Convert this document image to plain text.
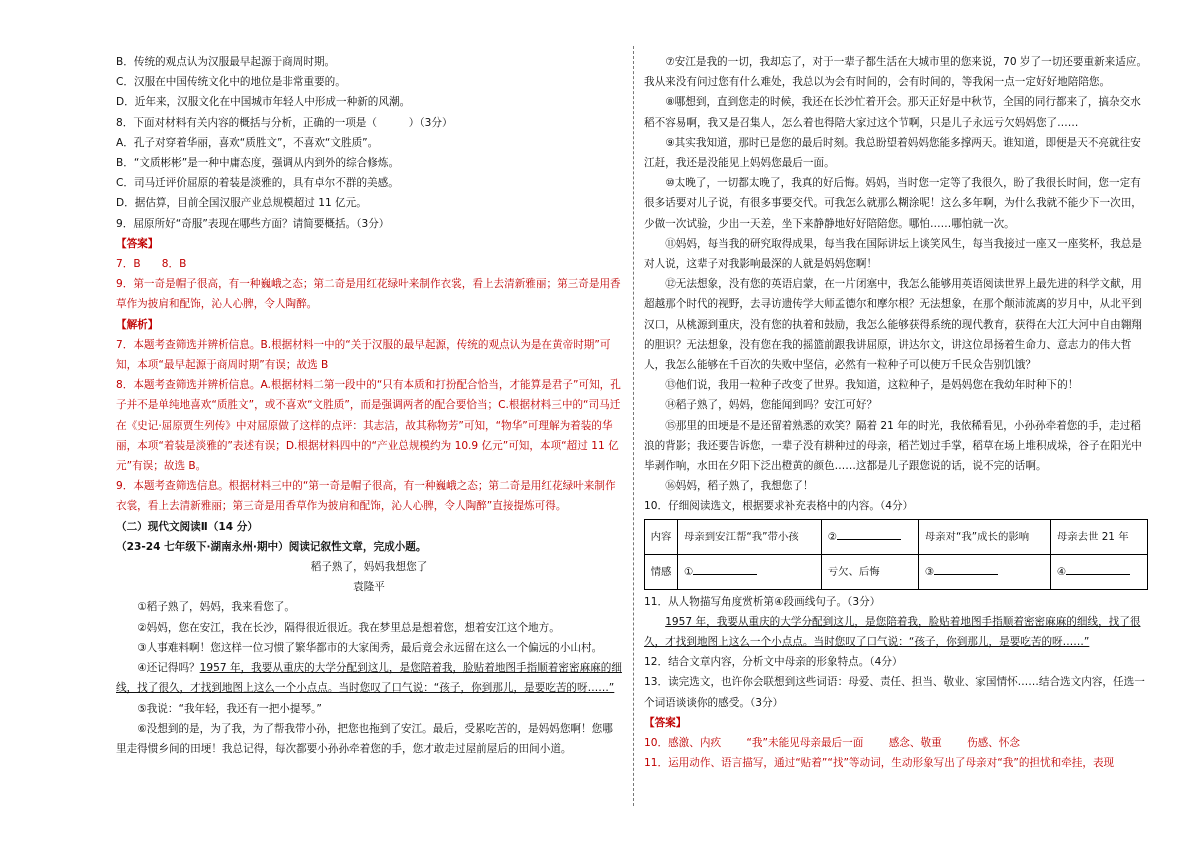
B．传统的观点认为汉服最早起源于商周时期。

C．汉服在中国传统文化中的地位是非常重要的。

D．近年来，汉服文化在中国城市年轻人中形成一种新的风潮。

8．下面对材料有关内容的概括与分析，正确的一项是（　　　）（3分）

A．孔子对穿着华丽，喜欢“质胜文”，不喜欢“文胜质”。

B．“文质彬彬”是一种中庸态度，强调从内到外的综合修炼。

C．司马迁评价屈原的着装是淡雅的，具有卓尔不群的美感。

D．据估算，目前全国汉服产业总规模超过 11 亿元。

9．屈原所好“奇服”表现在哪些方面？请简要概括。（3分）

【答案】

7．B　　8．B

9．第一奇是帽子很高，有一种巍峨之态；第二奇是用红花绿叶来制作衣裳，看上去清新雅丽；第三奇是用香草作为披肩和配饰，沁人心脾，令人陶醉。

【解析】

7．本题考查筛选并辨析信息。B.根据材料一中的“关于汉服的最早起源，传统的观点认为是在黄帝时期”可知，本项“最早起源于商周时期”有误；故选 B

8．本题考查筛选并辨析信息。A.根据材料二第一段中的“只有本质和打扮配合恰当，才能算是君子”可知，孔子并不是单纯地喜欢“质胜文”，或不喜欢“文胜质”，而是强调两者的配合要恰当；C.根据材料三中的“司马迁在《史记·屈原贾生列传》中对屈原做了这样的点评：其志洁，故其称物芳”可知，“物华”可理解为着装的华丽，本项“着装是淡雅的”表述有误；D.根据材料四中的“产业总规模约为 10.9 亿元”可知，本项“超过 11 亿元”有误；故选 B。

9．本题考查筛选信息。根据材料三中的“第一奇是帽子很高，有一种巍峨之态；第二奇是用红花绿叶来制作衣裳，看上去清新雅丽；第三奇是用香草作为披肩和配饰，沁人心脾，令人陶醉”直接提炼可得。

（二）现代文阅读Ⅱ（14 分）

（23-24 七年级下·湖南永州·期中）阅读记叙性文章，完成小题。

稻子熟了，妈妈我想您了

袁隆平

①稻子熟了，妈妈，我来看您了。

②妈妈，您在安江，我在长沙，隔得很近很近。我在梦里总是想着您，想着安江这个地方。

③人事难料啊！您这样一位习惯了繁华都市的大家闺秀，最后竟会永远留在这么一个偏远的小山村。

④还记得吗？1957 年，我要从重庆的大学分配到这儿，是您陪着我，脸贴着地图手指顺着密密麻麻的细线，找了很久，才找到地图上这么一个小点点。当时您叹了口气说：“孩子，你到那儿，是要吃苦的呀……”

⑤我说：“我年轻，我还有一把小提琴。”

⑥没想到的是，为了我，为了帮我带小孙，把您也拖到了安江。最后，受累吃苦的，是妈妈您啊！您哪里走得惯乡间的田埂！我总记得，每次都要小孙孙牵着您的手，您才敢走过屋前屋后的田间小道。

⑦安江是我的一切，我却忘了，对于一辈子都生活在大城市里的您来说，70 岁了一切还要重新来适应。我从来没有问过您有什么难处，我总以为会有时间的，会有时间的，等我闲一点一定好好地陪陪您。

⑧哪想到，直到您走的时候，我还在长沙忙着开会。那天正好是中秋节，全国的同行都来了，搞杂交水稻不容易啊，我又是召集人，怎么着也得陪大家过这个节啊，只是儿子永远亏欠妈妈您了……

⑨其实我知道，那时已是您的最后时刻。我总盼望着妈妈您能多撑两天。谁知道，即便是天不亮就往安江赶，我还是没能见上妈妈您最后一面。

⑩太晚了，一切都太晚了，我真的好后悔。妈妈，当时您一定等了我很久，盼了我很长时间，您一定有很多话要对儿子说，有很多事要交代。可我怎么就那么糊涂呢！这么多年啊，为什么我就不能少下一次田，少做一次试验，少出一天差，坐下来静静地好好陪陪您。哪怕……哪怕就一次。

⑪妈妈，每当我的研究取得成果，每当我在国际讲坛上谈笑风生，每当我接过一座又一座奖杯，我总是对人说，这辈子对我影响最深的人就是妈妈您啊！

⑫无法想象，没有您的英语启蒙，在一片闭塞中，我怎么能够用英语阅读世界上最先进的科学文献，用超越那个时代的视野，去寻访遗传学大师孟德尔和摩尔根？无法想象，在那个颠沛流离的岁月中，从北平到汉口，从桃源到重庆，没有您的执着和鼓励，我怎么能够获得系统的现代教育，获得在大江大河中自由翱翔的胆识？无法想象，没有您在我的摇篮前跟我讲屈原，讲达尔文，讲这位昂扬着生命力、意志力的伟大哲人，我怎么能够在千百次的失败中坚信，必然有一粒种子可以使万千民众告别饥饿？

⑬他们说，我用一粒种子改变了世界。我知道，这粒种子，是妈妈您在我幼年时种下的！

⑭稻子熟了，妈妈，您能闻到吗？安江可好？

⑮那里的田埂是不是还留着熟悉的欢笑？隔着 21 年的时光，我依稀看见，小孙孙牵着您的手，走过稻浪的背影；我还要告诉您，一辈子没有耕种过的母亲，稻芒划过手掌，稻草在场上堆积成垛，谷子在阳光中毕剥作响，水田在夕阳下泛出橙黄的颜色……这都是儿子跟您说的话，说不完的话啊。

⑯妈妈，稻子熟了，我想您了！

10．仔细阅读选文，根据要求补充表格中的内容。（4分）

内容	母亲到安江帮“我”带小孩	②	母亲对“我”成长的影响	母亲去世 21 年
情感	①	亏欠、后悔	③	④

11．从人物描写角度赏析第④段画线句子。（3分）

1957 年，我要从重庆的大学分配到这儿，是您陪着我，脸贴着地图手指顺着密密麻麻的细线，找了很久，才找到地图上这么一个小点点。当时您叹了口气说：“孩子，你到那儿，是要吃苦的呀……”

12．结合文章内容，分析文中母亲的形象特点。（4分）

13．读完选文，也许你会联想到这些词语：母爱、责任、担当、敬业、家国情怀……结合选文内容，任选一个词语谈谈你的感受。（3分）

【答案】

10．感激、内疚 “我”未能见母亲最后一面 感念、敬重 伤感、怀念

11．运用动作、语言描写，通过“贴着”“找”等动词，生动形象写出了母亲对“我”的担忧和牵挂，表现
